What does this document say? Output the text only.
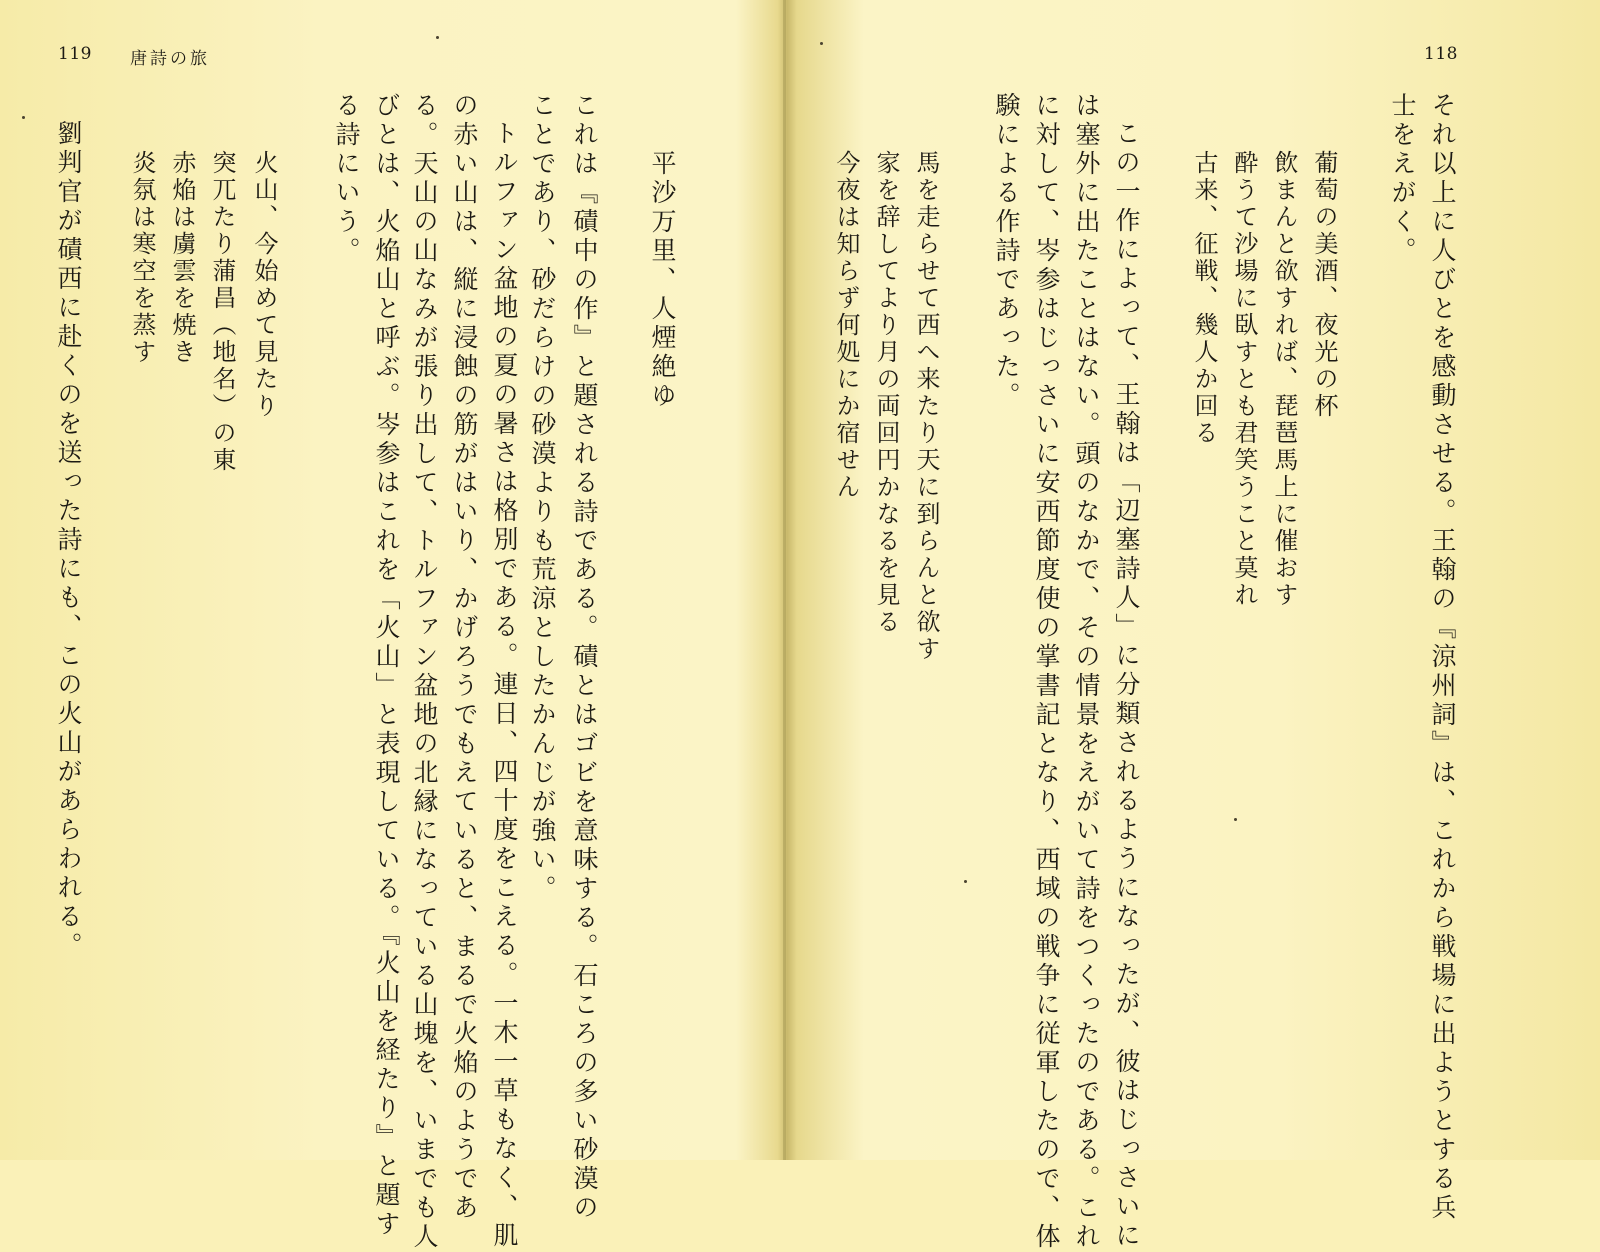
119 唐詩の旅
平沙万里、人煙絶ゆ
これは『磧中の作』と題される詩である。磧とはゴビを意味する。石ころの多い砂漠の
ことであり、砂だらけの砂漠よりも荒涼としたかんじが強い。
トルファン盆地の夏の暑さは格別である。連日、四十度をこえる。一木一草もなく、肌
の赤い山は、縦に浸蝕の筋がはいり、かげろうでもえていると、まるで火焔のようであ
る。天山の山なみが張り出して、トルファン盆地の北縁になっている山塊を、いまでも人
びとは、火焔山と呼ぶ。岑参はこれを「火山」と表現している。『火山を経たり』と題す
る詩にいう。
火山、今始めて見たり
突兀たり蒲昌（地名）の東
赤焔は虜雲を焼き
炎氛は寒空を蒸す
劉判官が磧西に赴くのを送った詩にも、この火山があらわれる。
118
それ以上に人びとを感動させる。王翰の『涼州詞』は、これから戦場に出ようとする兵
士をえがく。
葡萄の美酒、夜光の杯
飲まんと欲すれば、琵琶馬上に催おす
酔うて沙場に臥すとも君笑うこと莫れ
古来、征戦、幾人か回る
この一作によって、王翰は「辺塞詩人」に分類されるようになったが、彼はじっさいに
は塞外に出たことはない。頭のなかで、その情景をえがいて詩をつくったのである。これ
に対して、岑参はじっさいに安西節度使の掌書記となり、西域の戦争に従軍したので、体
験による作詩であった。
馬を走らせて西へ来たり天に到らんと欲す
家を辞してより月の両回円かなるを見る
今夜は知らず何処にか宿せん
